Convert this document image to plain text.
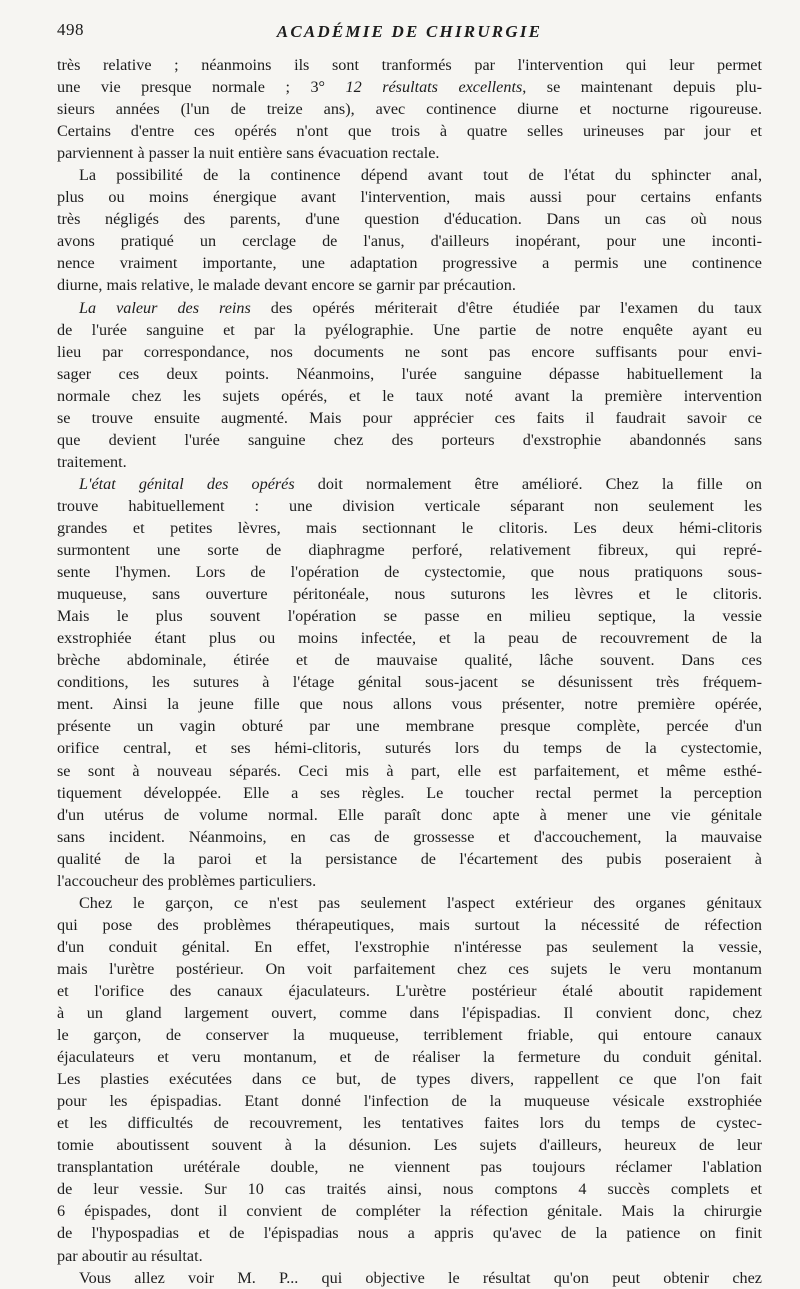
498	ACADÉMIE DE CHIRURGIE

très relative ; néanmoins ils sont tranformés par l'intervention qui leur permet
une vie presque normale ; 3° 12 résultats excellents, se maintenant depuis plu-
sieurs années (l'un de treize ans), avec continence diurne et nocturne rigoureuse.
Certains d'entre ces opérés n'ont que trois à quatre selles urineuses par jour et
parviennent à passer la nuit entière sans évacuation rectale.

La possibilité de la continence dépend avant tout de l'état du sphincter anal,
plus ou moins énergique avant l'intervention, mais aussi pour certains enfants
très négligés des parents, d'une question d'éducation. Dans un cas où nous
avons pratiqué un cerclage de l'anus, d'ailleurs inopérant, pour une inconti-
nence vraiment importante, une adaptation progressive a permis une continence
diurne, mais relative, le malade devant encore se garnir par précaution.

La valeur des reins des opérés mériterait d'être étudiée par l'examen du taux
de l'urée sanguine et par la pyélographie. Une partie de notre enquête ayant eu
lieu par correspondance, nos documents ne sont pas encore suffisants pour envi-
sager ces deux points. Néanmoins, l'urée sanguine dépasse habituellement la
normale chez les sujets opérés, et le taux noté avant la première intervention
se trouve ensuite augmenté. Mais pour apprécier ces faits il faudrait savoir ce
que devient l'urée sanguine chez des porteurs d'exstrophie abandonnés sans
traitement.

L'état génital des opérés doit normalement être amélioré. Chez la fille on
trouve habituellement : une division verticale séparant non seulement les
grandes et petites lèvres, mais sectionnant le clitoris. Les deux hémi-clitoris
surmontent une sorte de diaphragme perforé, relativement fibreux, qui repré-
sente l'hymen. Lors de l'opération de cystectomie, que nous pratiquons sous-
muqueuse, sans ouverture péritonéale, nous suturons les lèvres et le clitoris.
Mais le plus souvent l'opération se passe en milieu septique, la vessie
exstrophiée étant plus ou moins infectée, et la peau de recouvrement de la
brèche abdominale, étirée et de mauvaise qualité, lâche souvent. Dans ces
conditions, les sutures à l'étage génital sous-jacent se désunissent très fréquem-
ment. Ainsi la jeune fille que nous allons vous présenter, notre première opérée,
présente un vagin obturé par une membrane presque complète, percée d'un
orifice central, et ses hémi-clitoris, suturés lors du temps de la cystectomie,
se sont à nouveau séparés. Ceci mis à part, elle est parfaitement, et même esthé-
tiquement développée. Elle a ses règles. Le toucher rectal permet la perception
d'un utérus de volume normal. Elle paraît donc apte à mener une vie génitale
sans incident. Néanmoins, en cas de grossesse et d'accouchement, la mauvaise
qualité de la paroi et la persistance de l'écartement des pubis poseraient à
l'accoucheur des problèmes particuliers.

Chez le garçon, ce n'est pas seulement l'aspect extérieur des organes génitaux
qui pose des problèmes thérapeutiques, mais surtout la nécessité de réfection
d'un conduit génital. En effet, l'exstrophie n'intéresse pas seulement la vessie,
mais l'urètre postérieur. On voit parfaitement chez ces sujets le veru montanum
et l'orifice des canaux éjaculateurs. L'urètre postérieur étalé aboutit rapidement
à un gland largement ouvert, comme dans l'épispadias. Il convient donc, chez
le garçon, de conserver la muqueuse, terriblement friable, qui entoure canaux
éjaculateurs et veru montanum, et de réaliser la fermeture du conduit génital.
Les plasties exécutées dans ce but, de types divers, rappellent ce que l'on fait
pour les épispadias. Etant donné l'infection de la muqueuse vésicale exstrophiée
et les difficultés de recouvrement, les tentatives faites lors du temps de cystec-
tomie aboutissent souvent à la désunion. Les sujets d'ailleurs, heureux de leur
transplantation urétérale double, ne viennent pas toujours réclamer l'ablation
de leur vessie. Sur 10 cas traités ainsi, nous comptons 4 succès complets et
6 épispades, dont il convient de compléter la réfection génitale. Mais la chirurgie
de l'hypospadias et de l'épispadias nous a appris qu'avec de la patience on finit
par aboutir au résultat.

Vous allez voir M. P... qui objective le résultat qu'on peut obtenir chez
